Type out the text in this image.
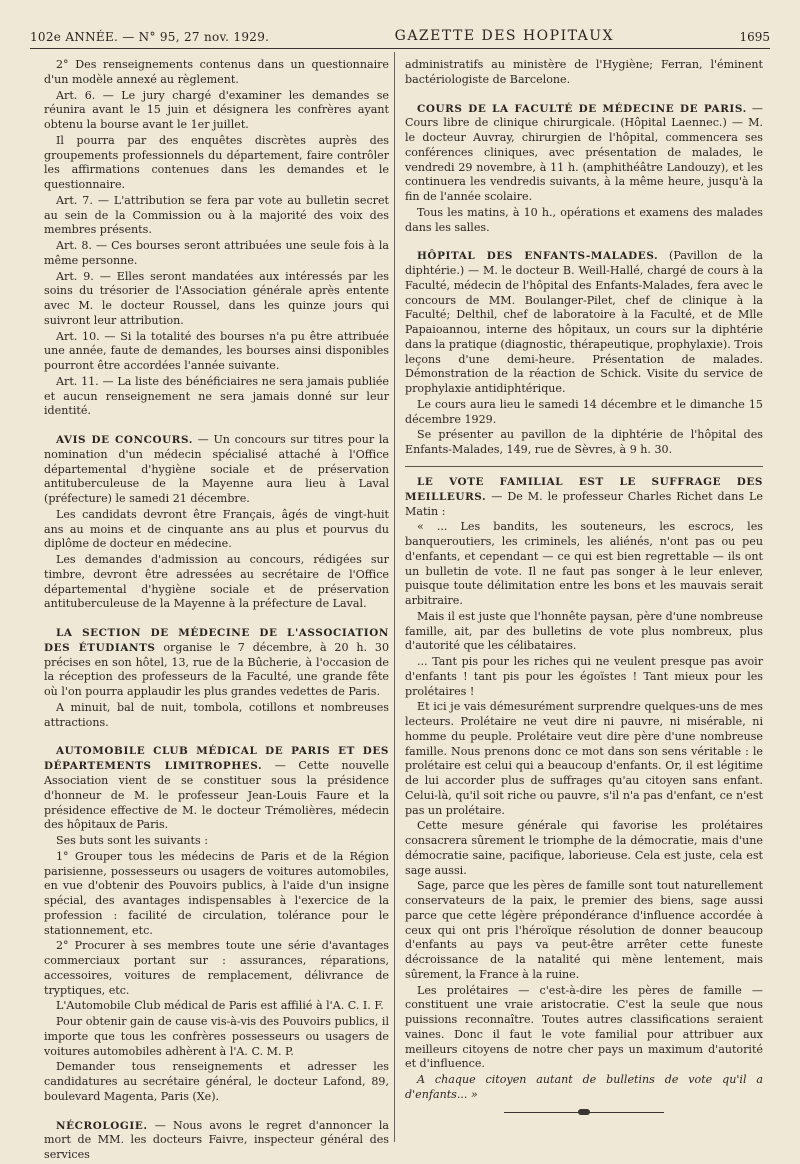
102e ANNÉE. — N° 95, 27 nov. 1929.	GAZETTE DES HOPITAUX	1695

2° Des renseignements contenus dans un questionnaire d'un modèle annexé au règlement.

Art. 6. — Le jury chargé d'examiner les demandes se réunira avant le 15 juin et désignera les confrères ayant obtenu la bourse avant le 1er juillet.

Il pourra par des enquêtes discrètes auprès des groupements professionnels du département, faire contrôler les affirmations contenues dans les demandes et le questionnaire.

Art. 7. — L'attribution se fera par vote au bulletin secret au sein de la Commission ou à la majorité des voix des membres présents.

Art. 8. — Ces bourses seront attribuées une seule fois à la même personne.

Art. 9. — Elles seront mandatées aux intéressés par les soins du trésorier de l'Association générale après entente avec M. le docteur Roussel, dans les quinze jours qui suivront leur attribution.

Art. 10. — Si la totalité des bourses n'a pu être attribuée une année, faute de demandes, les bourses ainsi disponibles pourront être accordées l'année suivante.

Art. 11. — La liste des bénéficiaires ne sera jamais publiée et aucun renseignement ne sera jamais donné sur leur identité.

AVIS DE CONCOURS. — Un concours sur titres pour la nomination d'un médecin spécialisé attaché à l'Office départemental d'hygiène sociale et de préservation antituberculeuse de la Mayenne aura lieu à Laval (préfecture) le samedi 21 décembre.

Les candidats devront être Français, âgés de vingt-huit ans au moins et de cinquante ans au plus et pourvus du diplôme de docteur en médecine.

Les demandes d'admission au concours, rédigées sur timbre, devront être adressées au secrétaire de l'Office départemental d'hygiène sociale et de préservation antituberculeuse de la Mayenne à la préfecture de Laval.

LA SECTION DE MÉDECINE DE L'ASSOCIATION DES ÉTUDIANTS organise le 7 décembre, à 20 h. 30 précises en son hôtel, 13, rue de la Bûcherie, à l'occasion de la réception des professeurs de la Faculté, une grande fête où l'on pourra applaudir les plus grandes vedettes de Paris.

A minuit, bal de nuit, tombola, cotillons et nombreuses attractions.

AUTOMOBILE CLUB MÉDICAL DE PARIS ET DES DÉPARTEMENTS LIMITROPHES. — Cette nouvelle Association vient de se constituer sous la présidence d'honneur de M. le professeur Jean-Louis Faure et la présidence effective de M. le docteur Trémolières, médecin des hôpitaux de Paris.

Ses buts sont les suivants :

1° Grouper tous les médecins de Paris et de la Région parisienne, possesseurs ou usagers de voitures automobiles, en vue d'obtenir des Pouvoirs publics, à l'aide d'un insigne spécial, des avantages indispensables à l'exercice de la profession : facilité de circulation, tolérance pour le stationnement, etc.

2° Procurer à ses membres toute une série d'avantages commerciaux portant sur : assurances, réparations, accessoires, voitures de remplacement, délivrance de tryptiques, etc.

L'Automobile Club médical de Paris est affilié à l'A. C. I. F.

Pour obtenir gain de cause vis-à-vis des Pouvoirs publics, il importe que tous les confrères possesseurs ou usagers de voitures automobiles adhèrent à l'A. C. M. P.

Demander tous renseignements et adresser les candidatures au secrétaire général, le docteur Lafond, 89, boulevard Magenta, Paris (Xe).

NÉCROLOGIE. — Nous avons le regret d'annoncer la mort de MM. les docteurs Faivre, inspecteur général des services

administratifs au ministère de l'Hygiène; Ferran, l'éminent bactériologiste de Barcelone.

COURS DE LA FACULTÉ DE MÉDECINE DE PARIS. — Cours libre de clinique chirurgicale. (Hôpital Laennec.) — M. le docteur Auvray, chirurgien de l'hôpital, commencera ses conférences cliniques, avec présentation de malades, le vendredi 29 novembre, à 11 h. (amphithéâtre Landouzy), et les continuera les vendredis suivants, à la même heure, jusqu'à la fin de l'année scolaire.

Tous les matins, à 10 h., opérations et examens des malades dans les salles.

HÔPITAL DES ENFANTS-MALADES. (Pavillon de la diphtérie.) — M. le docteur B. Weill-Hallé, chargé de cours à la Faculté, médecin de l'hôpital des Enfants-Malades, fera avec le concours de MM. Boulanger-Pilet, chef de clinique à la Faculté; Delthil, chef de laboratoire à la Faculté, et de Mlle Papaioannou, interne des hôpitaux, un cours sur la diphtérie dans la pratique (diagnostic, thérapeutique, prophylaxie). Trois leçons d'une demi-heure. Présentation de malades. Démonstration de la réaction de Schick. Visite du service de prophylaxie antidiphtérique.

Le cours aura lieu le samedi 14 décembre et le dimanche 15 décembre 1929.

Se présenter au pavillon de la diphtérie de l'hôpital des Enfants-Malades, 149, rue de Sèvres, à 9 h. 30.

LE VOTE FAMILIAL EST LE SUFFRAGE DES MEILLEURS. — De M. le professeur Charles Richet dans Le Matin :

« ... Les bandits, les souteneurs, les escrocs, les banqueroutiers, les criminels, les aliénés, n'ont pas ou peu d'enfants, et cependant — ce qui est bien regrettable — ils ont un bulletin de vote. Il ne faut pas songer à le leur enlever, puisque toute délimitation entre les bons et les mauvais serait arbitraire.

Mais il est juste que l'honnête paysan, père d'une nombreuse famille, ait, par des bulletins de vote plus nombreux, plus d'autorité que les célibataires.

... Tant pis pour les riches qui ne veulent presque pas avoir d'enfants ! tant pis pour les égoïstes ! Tant mieux pour les prolétaires !

Et ici je vais démesurément surprendre quelques-uns de mes lecteurs. Prolétaire ne veut dire ni pauvre, ni misérable, ni homme du peuple. Prolétaire veut dire père d'une nombreuse famille. Nous prenons donc ce mot dans son sens véritable : le prolétaire est celui qui a beaucoup d'enfants. Or, il est légitime de lui accorder plus de suffrages qu'au citoyen sans enfant. Celui-là, qu'il soit riche ou pauvre, s'il n'a pas d'enfant, ce n'est pas un prolétaire.

Cette mesure générale qui favorise les prolétaires consacrera sûrement le triomphe de la démocratie, mais d'une démocratie saine, pacifique, laborieuse. Cela est juste, cela est sage aussi.

Sage, parce que les pères de famille sont tout naturellement conservateurs de la paix, le premier des biens, sage aussi parce que cette légère prépondérance d'influence accordée à ceux qui ont pris l'héroïque résolution de donner beaucoup d'enfants au pays va peut-être arrêter cette funeste décroissance de la natalité qui mène lentement, mais sûrement, la France à la ruine.

Les prolétaires — c'est-à-dire les pères de famille — constituent une vraie aristocratie. C'est la seule que nous puissions reconnaître. Toutes autres classifications seraient vaines. Donc il faut le vote familial pour attribuer aux meilleurs citoyens de notre cher pays un maximum d'autorité et d'influence.

A chaque citoyen autant de bulletins de vote qu'il a d'enfants... »
